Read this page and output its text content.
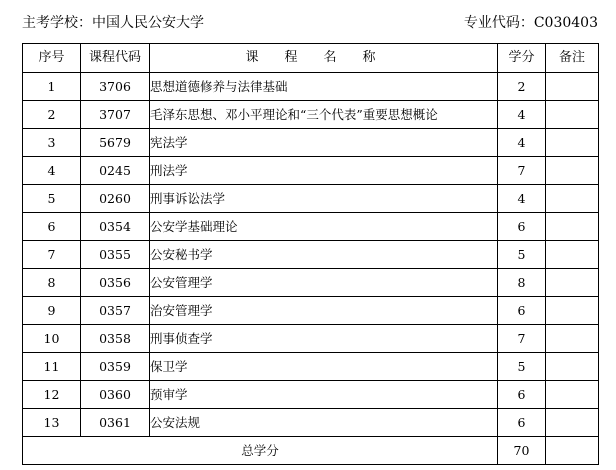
主考学校：中国人民公安大学	专业代码：C030403
序号	课程代码	课程名称	学分	备注
1	3706	思想道德修养与法律基础	2	
2	3707	毛泽东思想、邓小平理论和“三个代表”重要思想概论	4	
3	5679	宪法学	4	
4	0245	刑法学	7	
5	0260	刑事诉讼法学	4	
6	0354	公安学基础理论	6	
7	0355	公安秘书学	5	
8	0356	公安管理学	8	
9	0357	治安管理学	6	
10	0358	刑事侦查学	7	
11	0359	保卫学	5	
12	0360	预审学	6	
13	0361	公安法规	6	
总学分			70	
